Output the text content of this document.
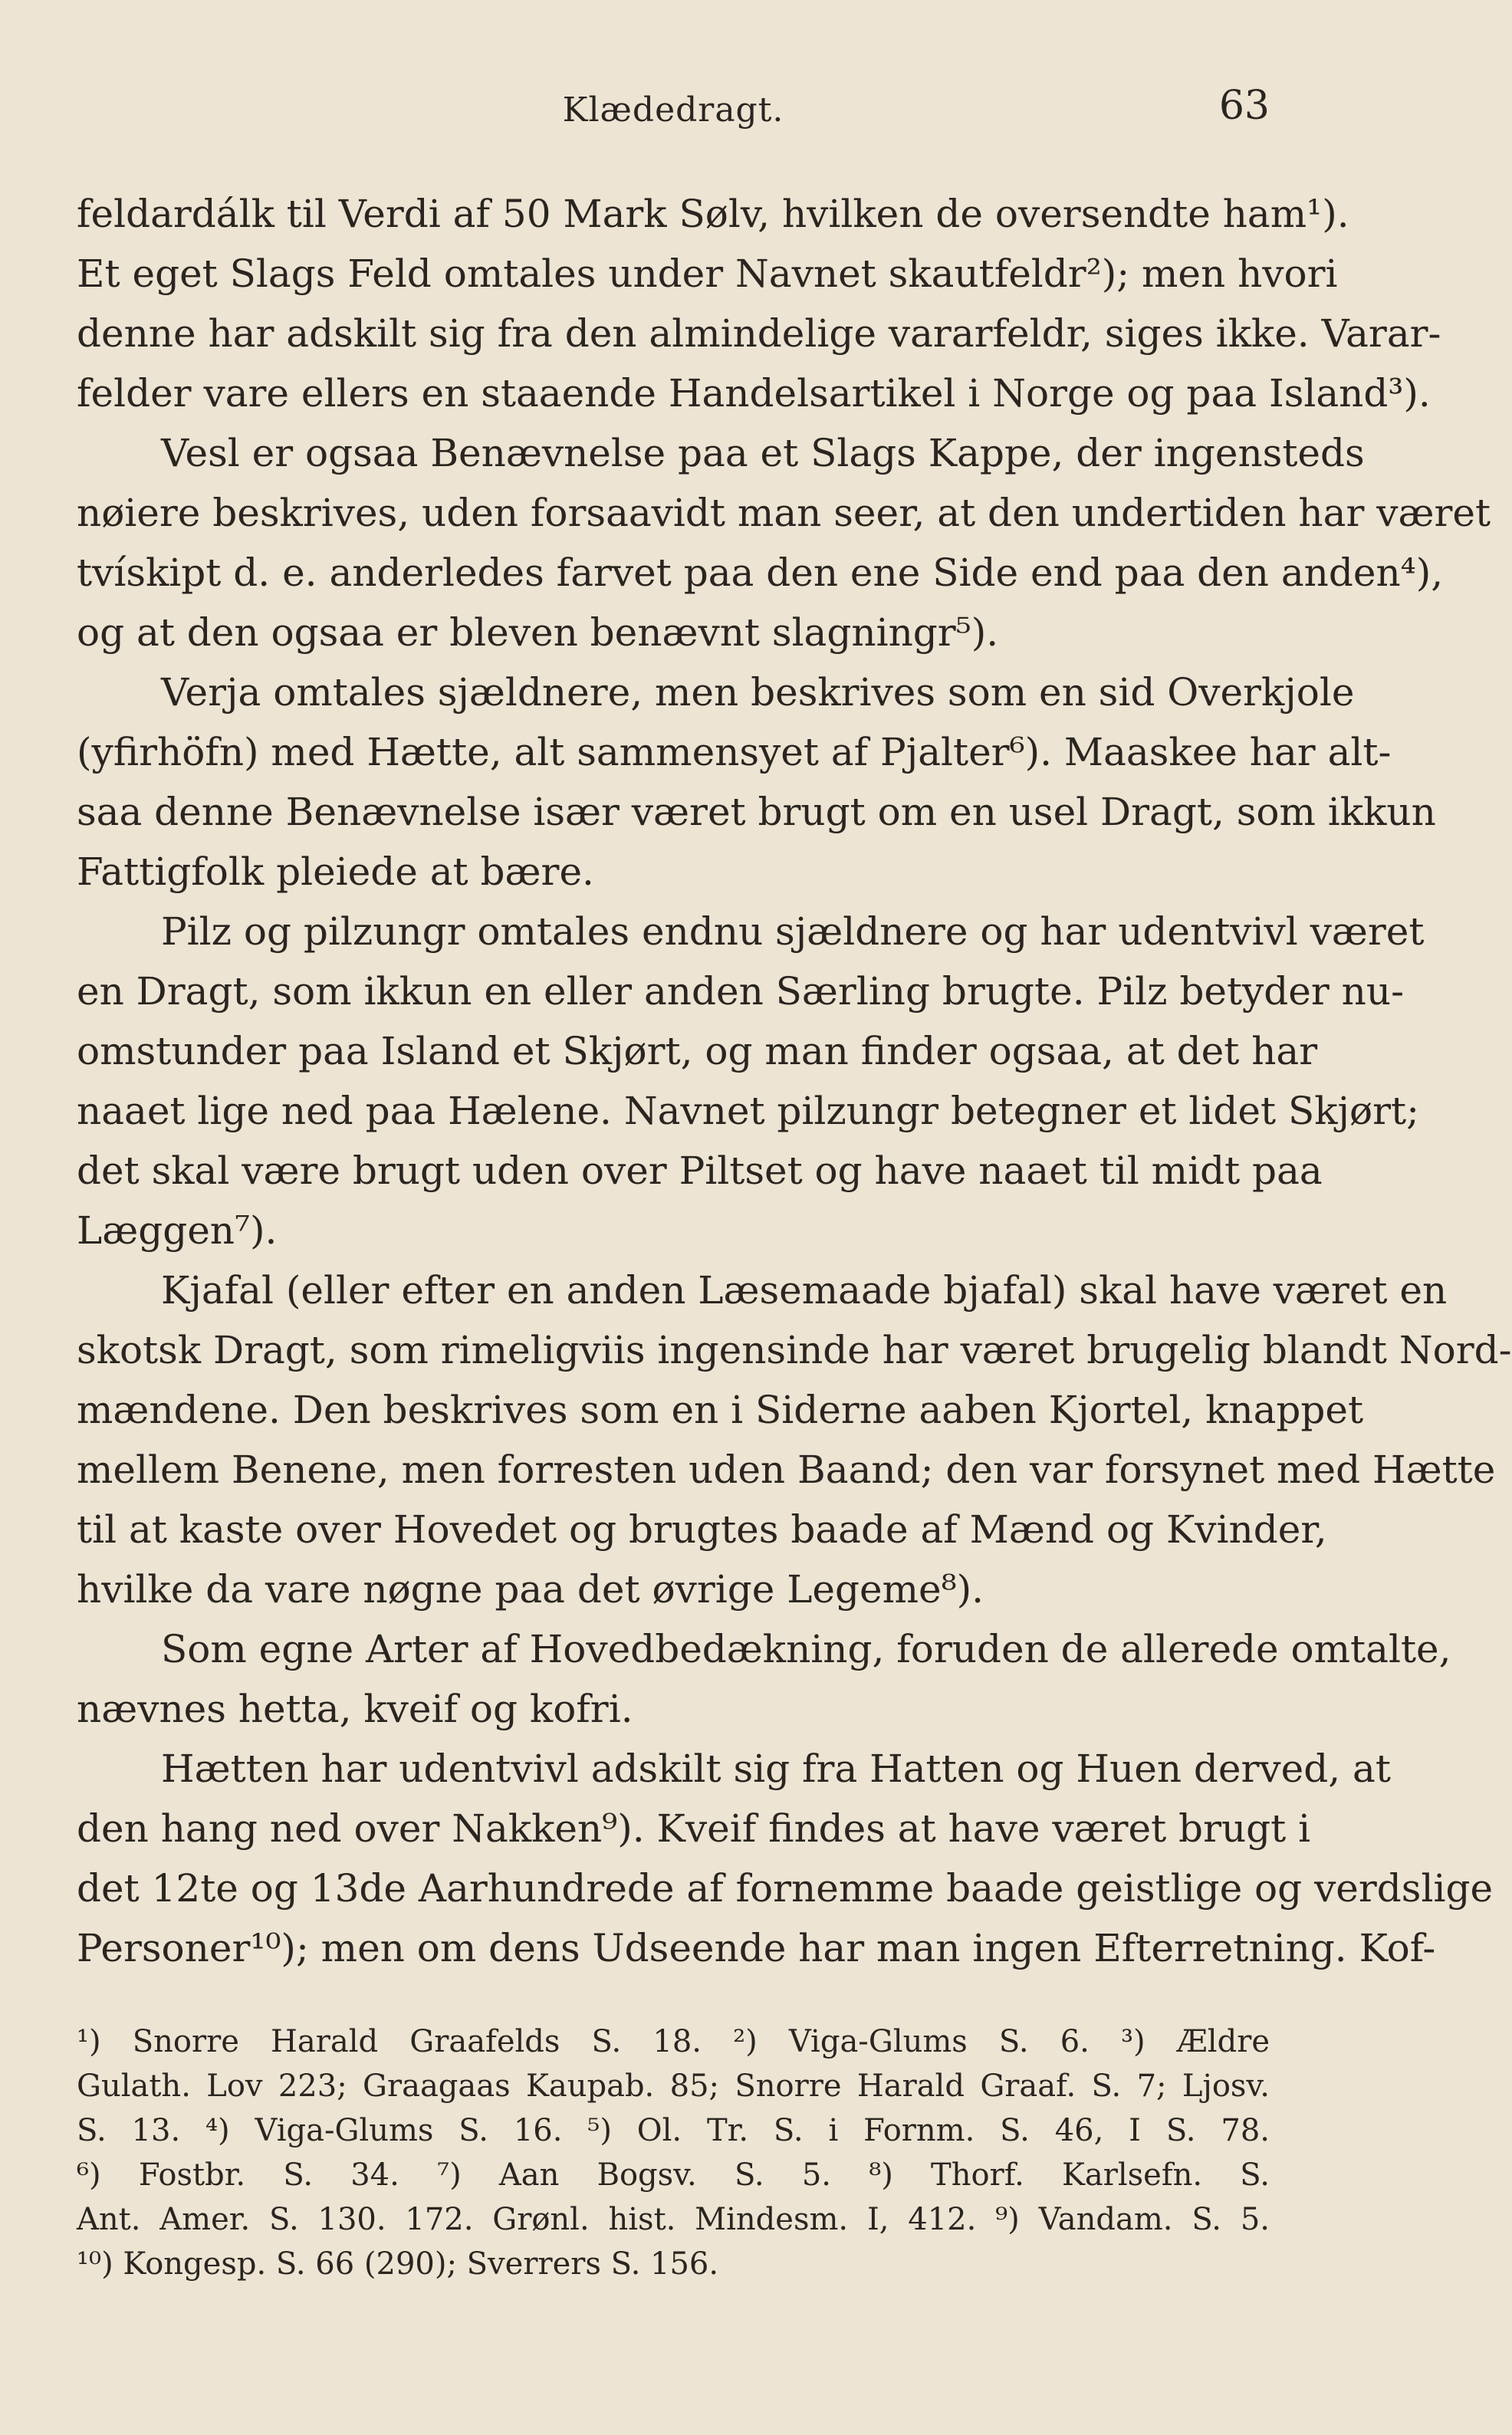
Klædedragt.	63

feldardálk til Verdi af 50 Mark Sølv, hvilken de oversendte ham¹).
Et eget Slags Feld omtales under Navnet skautfeldr²); men hvori
denne har adskilt sig fra den almindelige vararfeldr, siges ikke. Varar-
felder vare ellers en staaende Handelsartikel i Norge og paa Island³).

Vesl er ogsaa Benævnelse paa et Slags Kappe, der ingensteds
nøiere beskrives, uden forsaavidt man seer, at den undertiden har været
tvískipt d. e. anderledes farvet paa den ene Side end paa den anden⁴),
og at den ogsaa er bleven benævnt slagningr⁵).

Verja omtales sjældnere, men beskrives som en sid Overkjole
(yfirhöfn) med Hætte, alt sammensyet af Pjalter⁶). Maaskee har alt-
saa denne Benævnelse især været brugt om en usel Dragt, som ikkun
Fattigfolk pleiede at bære.

Pilz og pilzungr omtales endnu sjældnere og har udentvivl været
en Dragt, som ikkun en eller anden Særling brugte. Pilz betyder nu-
omstunder paa Island et Skjørt, og man finder ogsaa, at det har
naaet lige ned paa Hælene. Navnet pilzungr betegner et lidet Skjørt;
det skal være brugt uden over Piltset og have naaet til midt paa
Læggen⁷).

Kjafal (eller efter en anden Læsemaade bjafal) skal have været en
skotsk Dragt, som rimeligviis ingensinde har været brugelig blandt Nord-
mændene. Den beskrives som en i Siderne aaben Kjortel, knappet
mellem Benene, men forresten uden Baand; den var forsynet med Hætte
til at kaste over Hovedet og brugtes baade af Mænd og Kvinder,
hvilke da vare nøgne paa det øvrige Legeme⁸).

Som egne Arter af Hovedbedækning, foruden de allerede omtalte,
nævnes hetta, kveif og kofri.

Hætten har udentvivl adskilt sig fra Hatten og Huen derved, at
den hang ned over Nakken⁹). Kveif findes at have været brugt i
det 12te og 13de Aarhundrede af fornemme baade geistlige og verdslige
Personer¹⁰); men om dens Udseende har man ingen Efterretning. Kof-

¹) Snorre Harald Graafelds S. 18. ²) Viga-Glums S. 6. ³) Ældre
Gulath. Lov 223; Graagaas Kaupab. 85; Snorre Harald Graaf. S. 7; Ljosv.
S. 13. ⁴) Viga-Glums S. 16. ⁵) Ol. Tr. S. i Fornm. S. 46, I S. 78.
⁶) Fostbr. S. 34. ⁷) Aan Bogsv. S. 5. ⁸) Thorf. Karlsefn. S.
Ant. Amer. S. 130. 172. Grønl. hist. Mindesm. I, 412. ⁹) Vandam. S. 5.
¹⁰) Kongesp. S. 66 (290); Sverrers S. 156.
